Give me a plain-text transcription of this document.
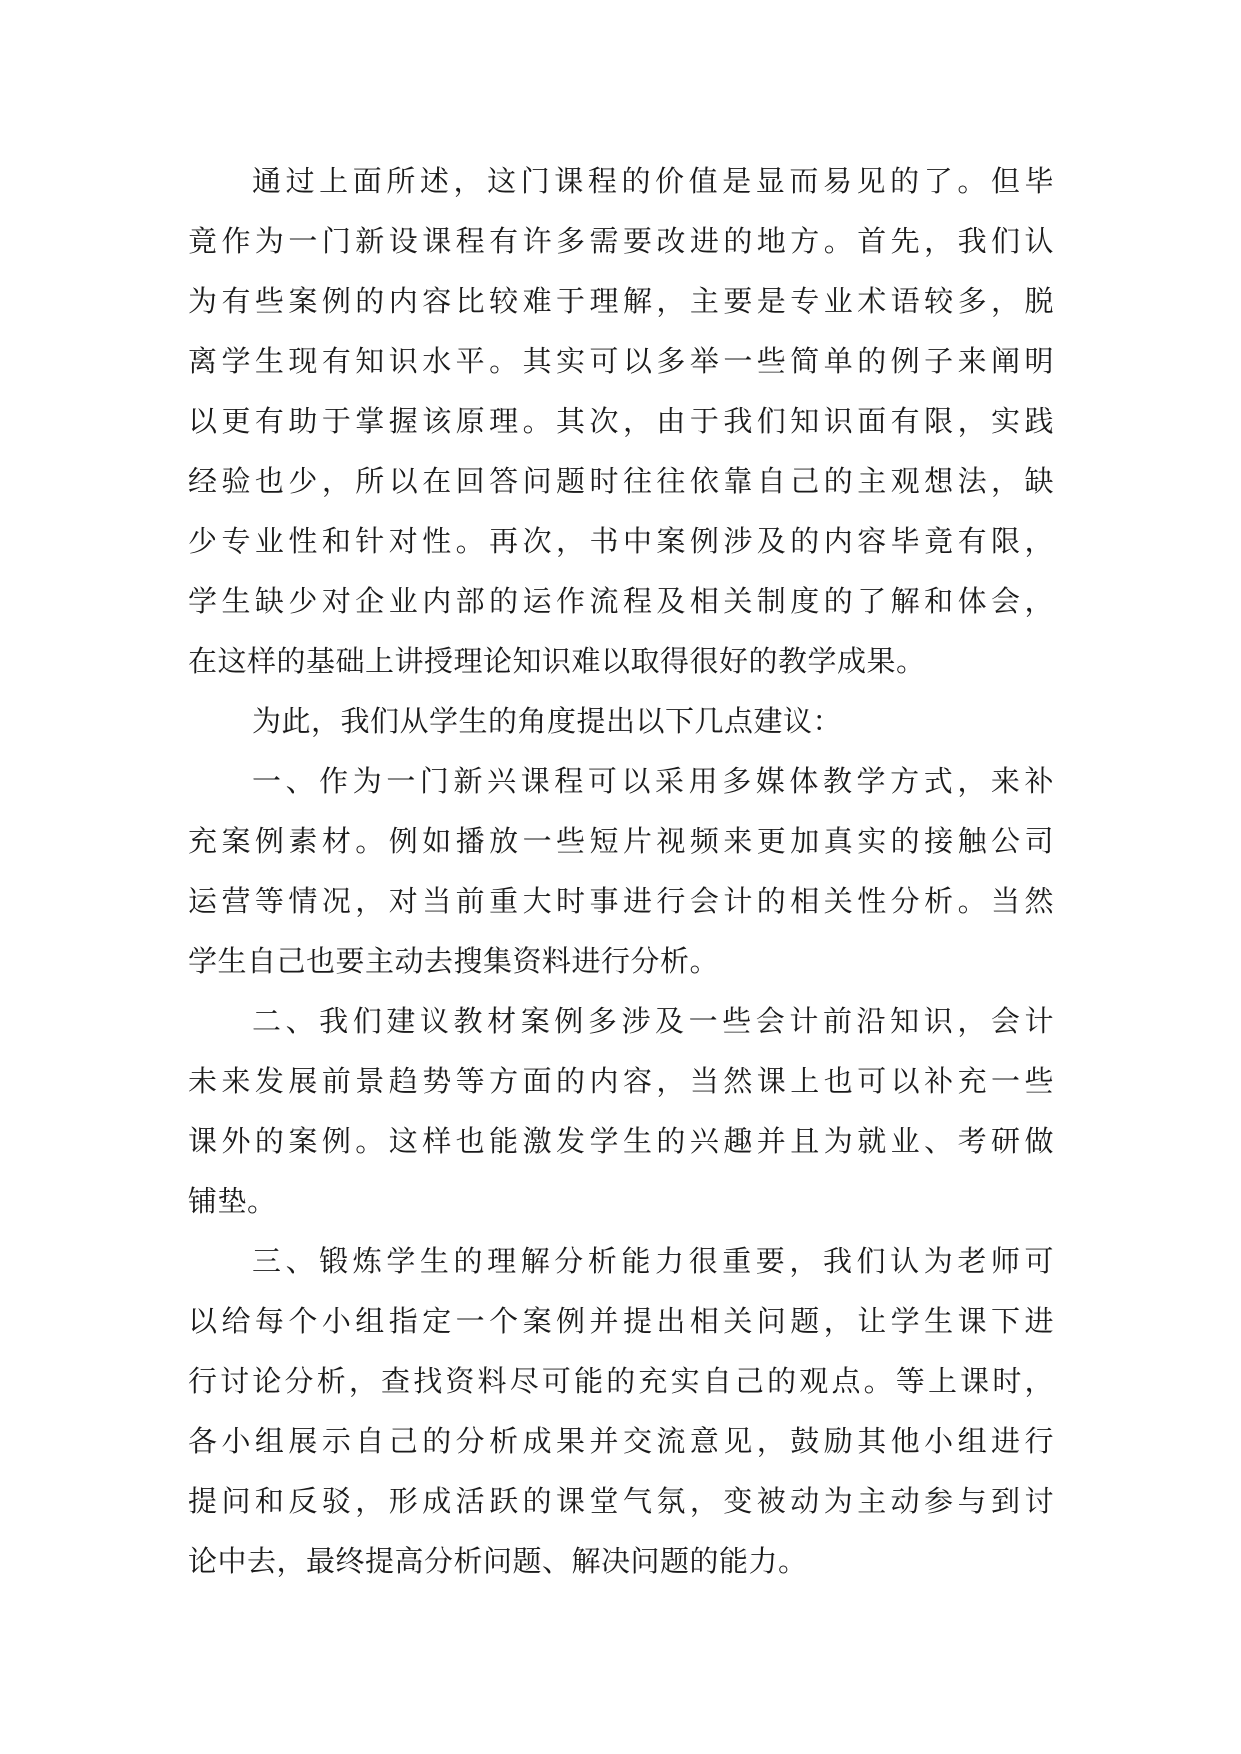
通过上面所述，这门课程的价值是显而易见的了。但毕
竟作为一门新设课程有许多需要改进的地方。首先，我们认
为有些案例的内容比较难于理解，主要是专业术语较多，脱
离学生现有知识水平。其实可以多举一些简单的例子来阐明
以更有助于掌握该原理。其次，由于我们知识面有限，实践
经验也少，所以在回答问题时往往依靠自己的主观想法，缺
少专业性和针对性。再次，书中案例涉及的内容毕竟有限，
学生缺少对企业内部的运作流程及相关制度的了解和体会，
在这样的基础上讲授理论知识难以取得很好的教学成果。
为此，我们从学生的角度提出以下几点建议：
一、作为一门新兴课程可以采用多媒体教学方式，来补
充案例素材。例如播放一些短片视频来更加真实的接触公司
运营等情况，对当前重大时事进行会计的相关性分析。当然
学生自己也要主动去搜集资料进行分析。
二、我们建议教材案例多涉及一些会计前沿知识，会计
未来发展前景趋势等方面的内容，当然课上也可以补充一些
课外的案例。这样也能激发学生的兴趣并且为就业、考研做
铺垫。
三、锻炼学生的理解分析能力很重要，我们认为老师可
以给每个小组指定一个案例并提出相关问题，让学生课下进
行讨论分析，查找资料尽可能的充实自己的观点。等上课时，
各小组展示自己的分析成果并交流意见，鼓励其他小组进行
提问和反驳，形成活跃的课堂气氛，变被动为主动参与到讨
论中去，最终提高分析问题、解决问题的能力。
